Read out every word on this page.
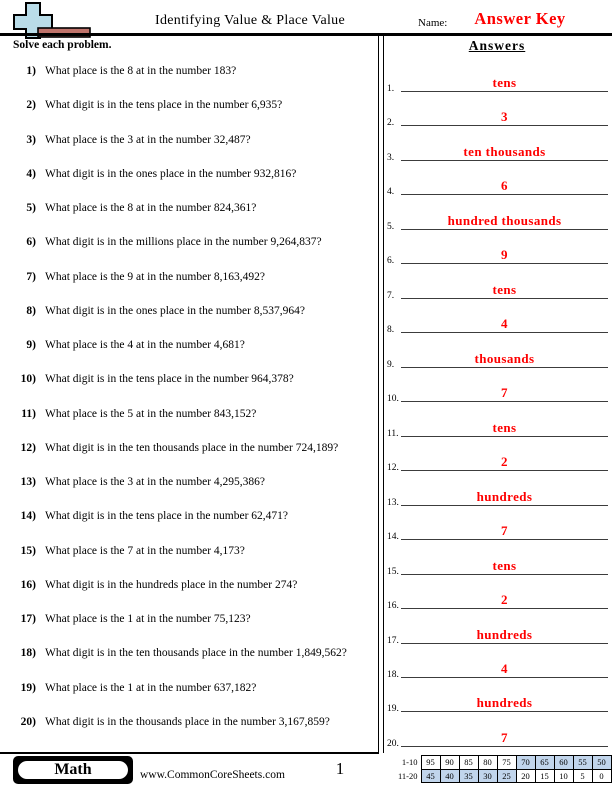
Identifying Value & Place Value	Name:	Answer Key
Solve each problem.	Answers
1) What place is the 8 at in the number 183?
2) What digit is in the tens place in the number 6,935?
3) What place is the 3 at in the number 32,487?
4) What digit is in the ones place in the number 932,816?
5) What place is the 8 at in the number 824,361?
6) What digit is in the millions place in the number 9,264,837?
7) What place is the 9 at in the number 8,163,492?
8) What digit is in the ones place in the number 8,537,964?
9) What place is the 4 at in the number 4,681?
10) What digit is in the tens place in the number 964,378?
11) What place is the 5 at in the number 843,152?
12) What digit is in the ten thousands place in the number 724,189?
13) What place is the 3 at in the number 4,295,386?
14) What digit is in the tens place in the number 62,471?
15) What place is the 7 at in the number 4,173?
16) What digit is in the hundreds place in the number 274?
17) What place is the 1 at in the number 75,123?
18) What digit is in the ten thousands place in the number 1,849,562?
19) What place is the 1 at in the number 637,182?
20) What digit is in the thousands place in the number 3,167,859?
1.	tens
2.	3
3.	ten thousands
4.	6
5.	hundred thousands
6.	9
7.	tens
8.	4
9.	thousands
10.	7
11.	tens
12.	2
13.	hundreds
14.	7
15.	tens
16.	2
17.	hundreds
18.	4
19.	hundreds
20.	7
Math	www.CommonCoreSheets.com	1	1-10	95	90	85	80	75	70	65	60	55	50
11-20	45	40	35	30	25	20	15	10	5	0
